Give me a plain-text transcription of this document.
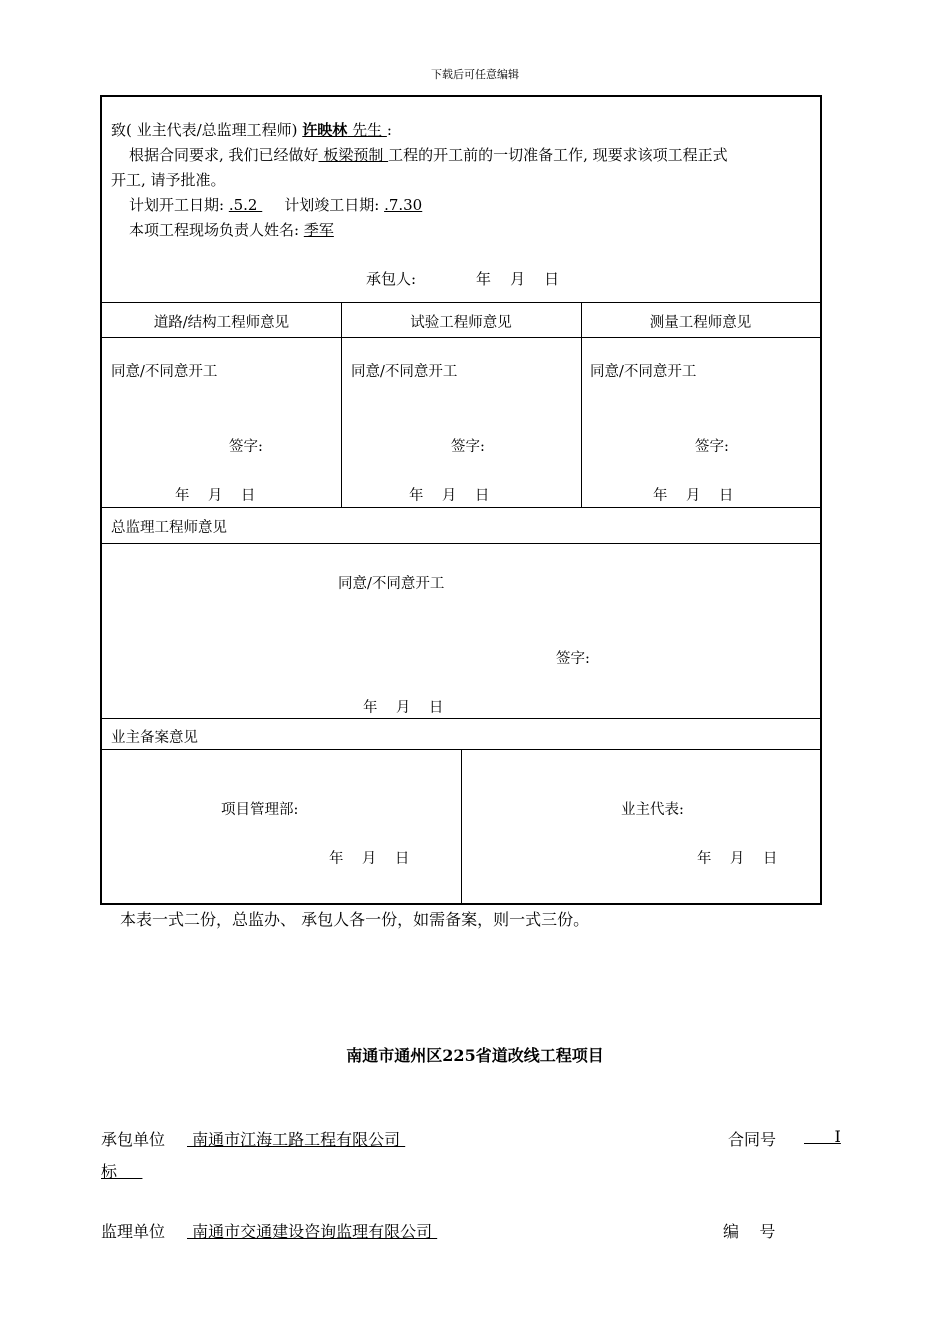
下载后可任意编辑
致( 业主代表/总监理工程师) 许映林 先生 :
根据合同要求, 我们已经做好 板梁预制 工程的开工前的一切准备工作, 现要求该项工程正式
开工, 请予批准。
计划开工日期: .5.2 计划竣工日期: .7.30
本项工程现场负责人姓名: 季军
承包人:	年    月    日
道路/结构工程师意见	试验工程师意见	测量工程师意见
同意/不同意开工	同意/不同意开工	同意/不同意开工
签字:	签字:	签字:
年    月    日	年    月    日	年    月    日
总监理工程师意见
同意/不同意开工
签字:
年    月    日
业主备案意见
项目管理部:	业主代表:
年    月    日	年    月    日
本表一式二份，总监办、 承包人各一份，如需备案，则一式三份。
南通市通州区225省道改线工程项目
承包单位 南通市江海工路工程有限公司	合同号 Ⅰ
标
监理单位 南通市交通建设咨询监理有限公司	编    号
